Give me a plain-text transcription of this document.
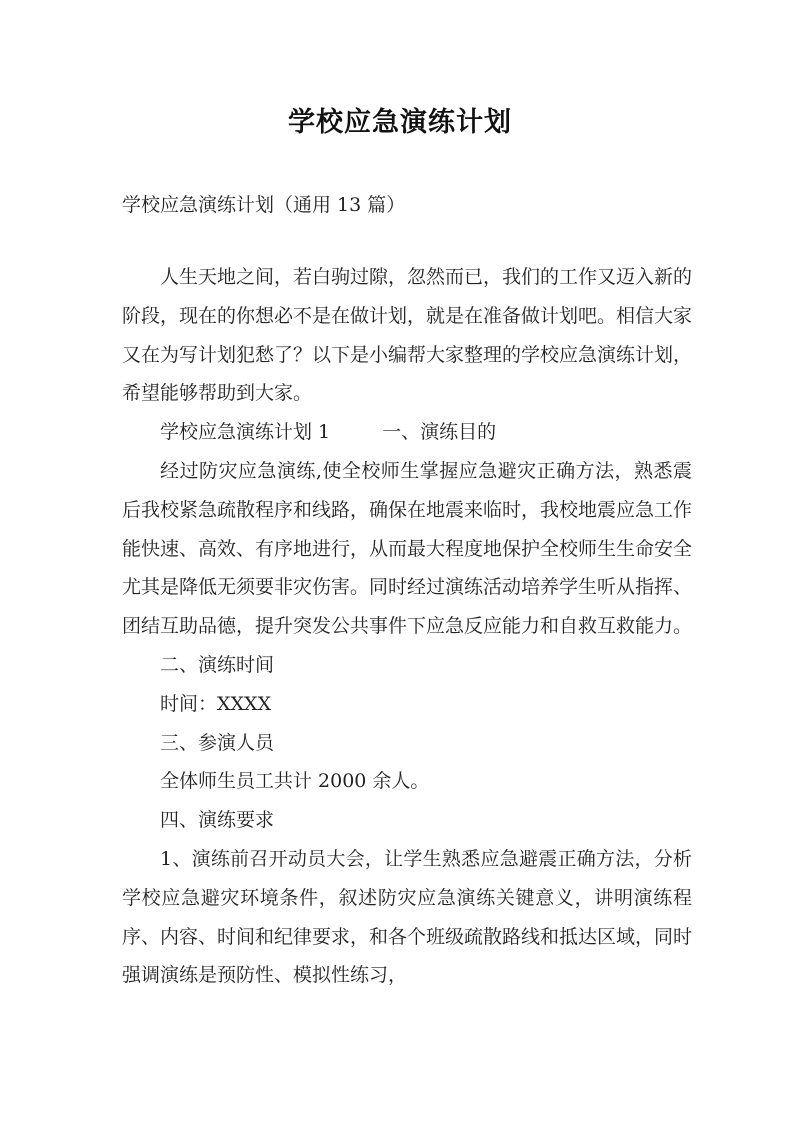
学校应急演练计划
学校应急演练计划（通用 13 篇）

人生天地之间，若白驹过隙，忽然而已，我们的工作又迈入新的阶段，现在的你想必不是在做计划，就是在准备做计划吧。相信大家又在为写计划犯愁了？以下是小编帮大家整理的学校应急演练计划，希望能够帮助到大家。

学校应急演练计划 1	一、演练目的

经过防灾应急演练,使全校师生掌握应急避灾正确方法，熟悉震后我校紧急疏散程序和线路，确保在地震来临时，我校地震应急工作能快速、高效、有序地进行，从而最大程度地保护全校师生生命安全尤其是降低无须要非灾伤害。同时经过演练活动培养学生听从指挥、团结互助品德，提升突发公共事件下应急反应能力和自救互救能力。

二、演练时间
时间：XXXX
三、参演人员
全体师生员工共计 2000 余人。
四、演练要求

1、演练前召开动员大会，让学生熟悉应急避震正确方法，分析学校应急避灾环境条件，叙述防灾应急演练关键意义，讲明演练程序、内容、时间和纪律要求，和各个班级疏散路线和抵达区域，同时强调演练是预防性、模拟性练习，
